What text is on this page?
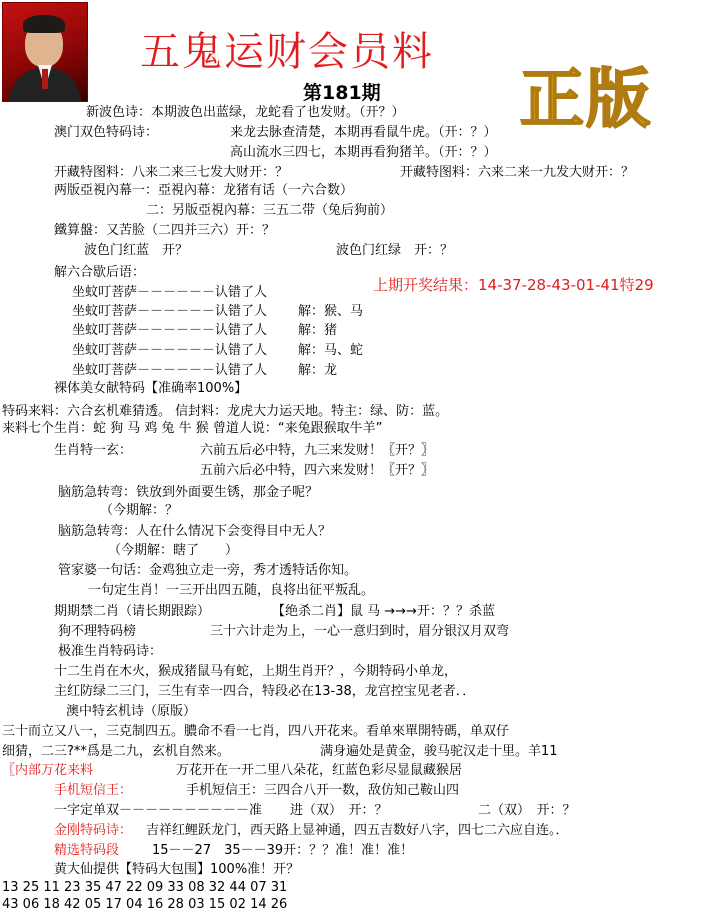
五鬼运财会员料
第181期 正版
上期开奖结果：14-37-28-43-01-41特29
新波色诗：本期波色出蓝绿，龙蛇看了也发财。（开？）
澳门双色特码诗：	来龙去脉查清楚，本期再看鼠牛虎。（开：？）
高山流水三四七，本期再看狗猪羊。（开：？）
开藏特图料：八来二来三七发大财开：？	开藏特图料：六来二来一九发大财开：？
两版亞視內幕一：亞視內幕：龙猪有话（一六合数）
二：另版亞視內幕：三五二带（兔后狗前）
鐵算盤：又苦脸（二四并三六）开：？
波色门红蓝　开？	波色门红绿　开：？
解六合歇后语：
坐蚊叮菩萨－－－－－－认错了人
坐蚊叮菩萨－－－－－－认错了人 解：猴、马
坐蚊叮菩萨－－－－－－认错了人 解：猪
坐蚊叮菩萨－－－－－－认错了人 解：马、蛇
坐蚊叮菩萨－－－－－－认错了人 解：龙
裸体美女献特码【准确率100%】
特码来料：六合玄机难猜透。 信封料：龙虎大力运天地。特主：绿、防：蓝。
来料七个生肖：蛇 狗 马 鸡 兔 牛 猴 曾道人说：“来兔跟猴取牛羊”
生肖特一玄：	六前五后必中特，九三来发财！〖开？〗
五前六后必中特，四六来发财！〖开？〗
脑筋急转弯：铁放到外面要生锈，那金子呢？
（今期解：？
脑筋急转弯：人在什么情况下会变得目中无人？
（今期解：瞎了　　）
管家婆一句话：金鸡独立走一旁，秀才透特话你知。
一句定生肖！一三开出四五随，良将出征平叛乱。
期期禁二肖（请长期跟踪）	【绝杀二肖】鼠 马 →→→开：？？杀蓝
狗不理特码榜	三十六计走为上，一心一意归到时，眉分银汉月双弯
极准生肖特码诗：
十二生肖在木火，猴成猪鼠马有蛇，上期生肖开？，今期特码小单龙，
主红防绿二三门，三生有幸一四合，特段必在13-38，龙宫控宝见老者．．
澳中特玄机诗（原版）
三十而立又八一，三克制四五。膿命不看一七肖，四八开花来。看单來單開特碼，单双仔
细猜，二三?**爲是二九，玄机自然来。	满身遍处是黄金，骏马驼汉走十里。羊11
〖内部万花来料	万花开在一开二里八朵花，红蓝色彩尽显鼠藏猴居
手机短信王：	手机短信王：三四合八开一数，敌仿知己鞍山四
一字定单双－－－－－－－－－－准 进（双）　开：？	二（双）　开：？
金刚特码诗： 吉祥红鲤跃龙门，西天路上显神通，四五吉数好八字，四七二六应自连。．
精选特码段	15－－27　35－－39开：？？准！准！准！
黄大仙提供【特码大包围】100%准！开？
13 25 11 23 35 47 22 09 33 08 32 44 07 31
43 06 18 42 05 17 04 16 28 03 15 02 14 26
